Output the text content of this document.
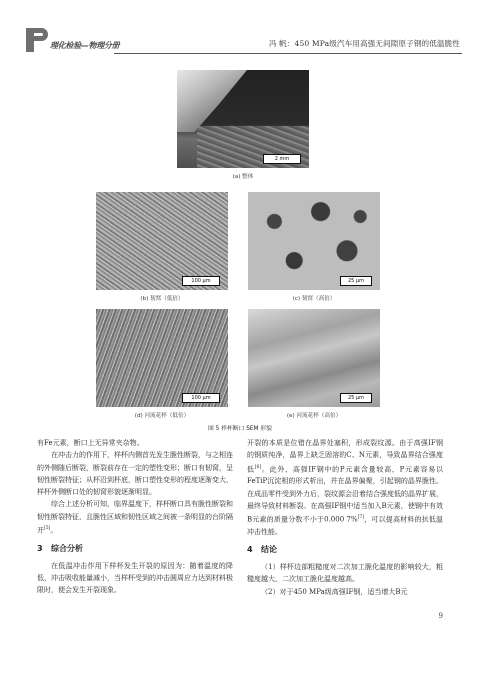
理化检验—物理分册	冯 帆：450 MPa级汽车用高强无间隙原子钢的低温脆性
2 mm
(a) 整体
100 μm
(b) 韧窝（低倍）
25 μm
(c) 韧窝（高倍）
100 μm
(d) 河流花样（低倍）
25 μm
(e) 河流花样（高倍）
图 5 样杯断口 SEM 形貌

有Fe元素，断口上无异常夹杂物。

在冲击力的作用下，样杯内侧首先发生脆性断裂，与之相连的外侧随后断裂，断裂前存在一定的塑性变形；断口有韧窝，呈韧性断裂特征；从杯沿到杯底，断口塑性变形的程度逐渐变大，样杯外侧断口处的韧窝形貌逐渐明显。

综合上述分析可知，临界温度下，样杯断口具有脆性断裂和韧性断裂特征，且脆性区域和韧性区域之间被一条明显的台阶隔开[5]。

3 综合分析

在低温冲击作用下样杯发生开裂的原因为：随着温度的降低，冲击吸收能量减小，当样杯受到的冲击圆周应力达到材料极限时，便会发生开裂现象。

开裂的本质是位错在晶界处塞积，形成裂纹源。由于高强IF钢的钢质纯净，晶界上缺乏固溶的C、N元素，导致晶界结合强度低[6]。此外，高强IF钢中的P元素含量较高，P元素容易以FeTiP沉淀相的形式析出，并在晶界偏聚，引起钢的晶界脆性。在成品零件受到外力后，裂纹源会沿着结合强度低的晶界扩展，最终导致材料断裂。在高强IF钢中适当加入B元素，使钢中有效B元素的质量分数不小于0.000 7%[7]，可以提高材料的抗低温冲击性能。

4 结论

（1）样杯边部粗糙度对二次加工脆化温度的影响较大，粗糙度越大，二次加工脆化温度越高。

（2）对于450 MPa级高强IF钢，适当增大B元

9
